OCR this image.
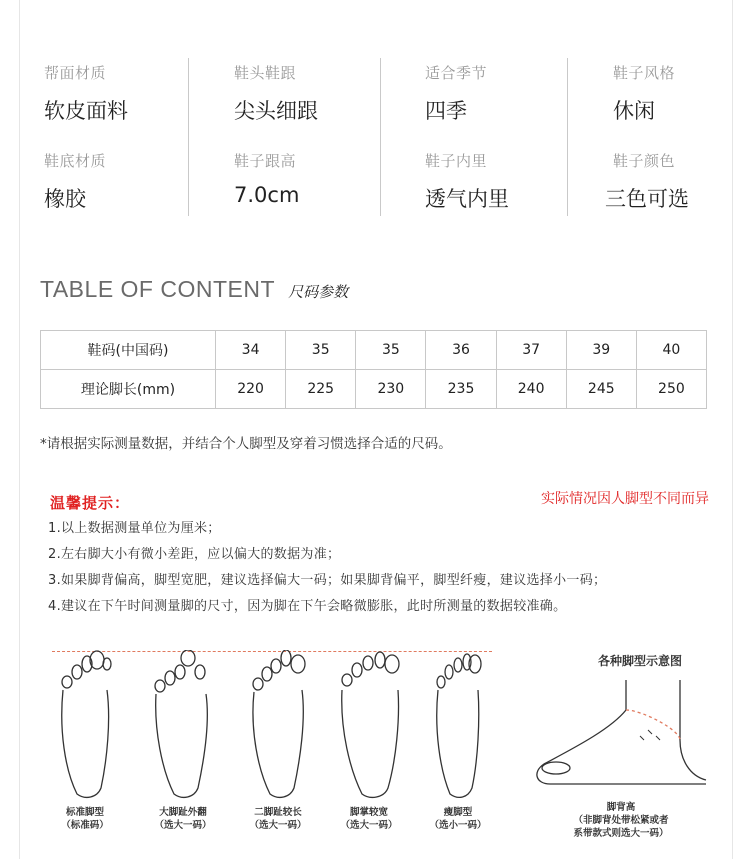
帮面材质
软皮面料
鞋头鞋跟
尖头细跟
适合季节
四季
鞋子风格
休闲
鞋底材质
橡胶
鞋子跟高
7.0cm
鞋子内里
透气内里
鞋子颜色
三色可选
TABLE OF CONTENT 尺码参数
鞋码(中国码)	34	35	35	36	37	39	40
理论脚长(mm)	220	225	230	235	240	245	250
*请根据实际测量数据，并结合个人脚型及穿着习惯选择合适的尺码。
温馨提示：	实际情况因人脚型不同而异
1.以上数据测量单位为厘米；
2.左右脚大小有微小差距，应以偏大的数据为准；
3.如果脚背偏高，脚型宽肥，建议选择偏大一码；如果脚背偏平，脚型纤瘦，建议选择小一码；
4.建议在下午时间测量脚的尺寸，因为脚在下午会略微膨胀，此时所测量的数据较准确。
标准脚型
（标准码）
大脚趾外翻
（选大一码）
二脚趾较长
（选大一码）
脚掌较宽
（选大一码）
瘦脚型
（选小一码）
各种脚型示意图
脚背高
（非脚背处带松紧或者
系带款式则选大一码）
